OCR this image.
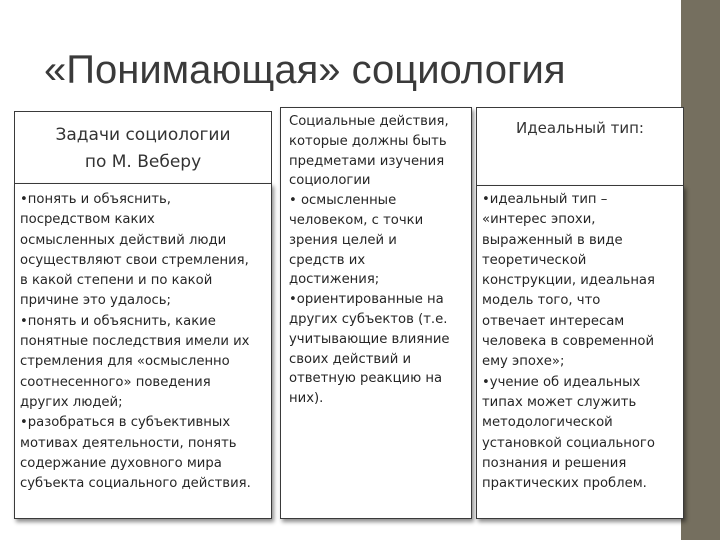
«Понимающая» социология
Задачи социологии
по М. Веберу
•понять и объяснить,
посредством каких
осмысленных действий люди
осуществляют свои стремления,
в какой степени и по какой
причине это удалось;
•понять и объяснить, какие
понятные последствия имели их
стремления для «осмысленно
соотнесенного» поведения
других людей;
•разобраться в субъективных
мотивах деятельности, понять
содержание духовного мира
субъекта социального действия.
Социальные действия,
которые должны быть
предметами изучения
социологии
• осмысленные
человеком, с точки
зрения целей и
средств их
достижения;
•ориентированные на
других субъектов (т.е.
учитывающие влияние
своих действий и
ответную реакцию на
них).
Идеальный тип:
•идеальный тип –
«интерес эпохи,
выраженный в виде
теоретической
конструкции, идеальная
модель того, что
отвечает интересам
человека в современной
ему эпохе»;
•учение об идеальных
типах может служить
методологической
установкой социального
познания и решения
практических проблем.
